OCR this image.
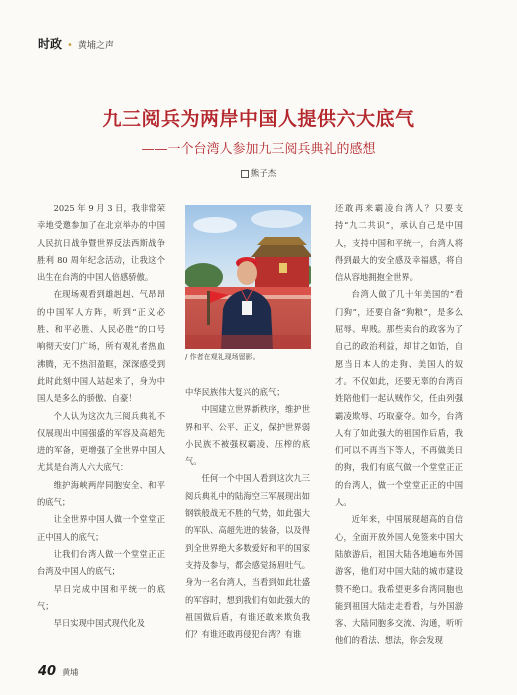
时政 • 黄埔之声
九三阅兵为两岸中国人提供六大底气
——一个台湾人参加九三阅兵典礼的感想
熊子杰

2025 年 9 月 3 日，我非常荣幸地受邀参加了在北京举办的中国人民抗日战争暨世界反法西斯战争胜利 80 周年纪念活动，让我这个出生在台湾的中国人倍感骄傲。

在现场观看到雄赳赳、气昂昂的中国军人方阵，听到“正义必胜、和平必胜、人民必胜”的口号响彻天安门广场，所有观礼者热血沸腾，无不热泪盈眶，深深感受到此时此刻中国人站起来了，身为中国人是多么的骄傲、自豪！

个人认为这次九三阅兵典礼不仅展现出中国强盛的军容及高超先进的军备，更增强了全世界中国人尤其是台湾人六大底气：

维护海峡两岸同胞安全、和平的底气；

让全世界中国人做一个堂堂正正中国人的底气；

让我们台湾人做一个堂堂正正台湾及中国人的底气；

早日完成中国和平统一的底气；

早日实现中国式现代化及

/ 作者在观礼现场留影。

中华民族伟大复兴的底气；

中国建立世界新秩序，维护世界和平、公平、正义，保护世界弱小民族不被强权霸凌、压榨的底气。

任何一个中国人看到这次九三阅兵典礼中的陆海空三军展现出如钢铁般战无不胜的气势，如此强大的军队、高超先进的装备，以及得到全世界绝大多数爱好和平的国家支持及参与，都会感觉扬眉吐气。身为一名台湾人，当看到如此壮盛的军容时，想到我们有如此强大的祖国做后盾，有谁还敢来欺负我们？有谁还敢再侵犯台湾？有谁

还敢再来霸凌台湾人？只要支持“九二共识”，承认自己是中国人，支持中国和平统一，台湾人将得到最大的安全感及幸福感，将自信从容地拥抱全世界。

台湾人做了几十年美国的“看门狗”，还要自备“狗粮”，是多么屈辱、卑贱。那些卖台的政客为了自己的政治利益，却甘之如饴，自愿当日本人的走狗、美国人的奴才。不仅如此，还要无辜的台湾百姓陪他们一起认贼作父，任由列强霸凌欺辱、巧取豪夺。如今，台湾人有了如此强大的祖国作后盾，我们可以不再当下等人，不再做美日的狗，我们有底气做一个堂堂正正的台湾人，做一个堂堂正正的中国人。

近年来，中国展现超高的自信心，全面开放外国人免签来中国大陆旅游后，祖国大陆各地遍布外国游客，他们对中国大陆的城市建设赞不绝口。我希望更多台湾同胞也能到祖国大陆走走看看，与外国游客、大陆同胞多交流、沟通，听听他们的看法、想法，你会发现

40 黄埔
